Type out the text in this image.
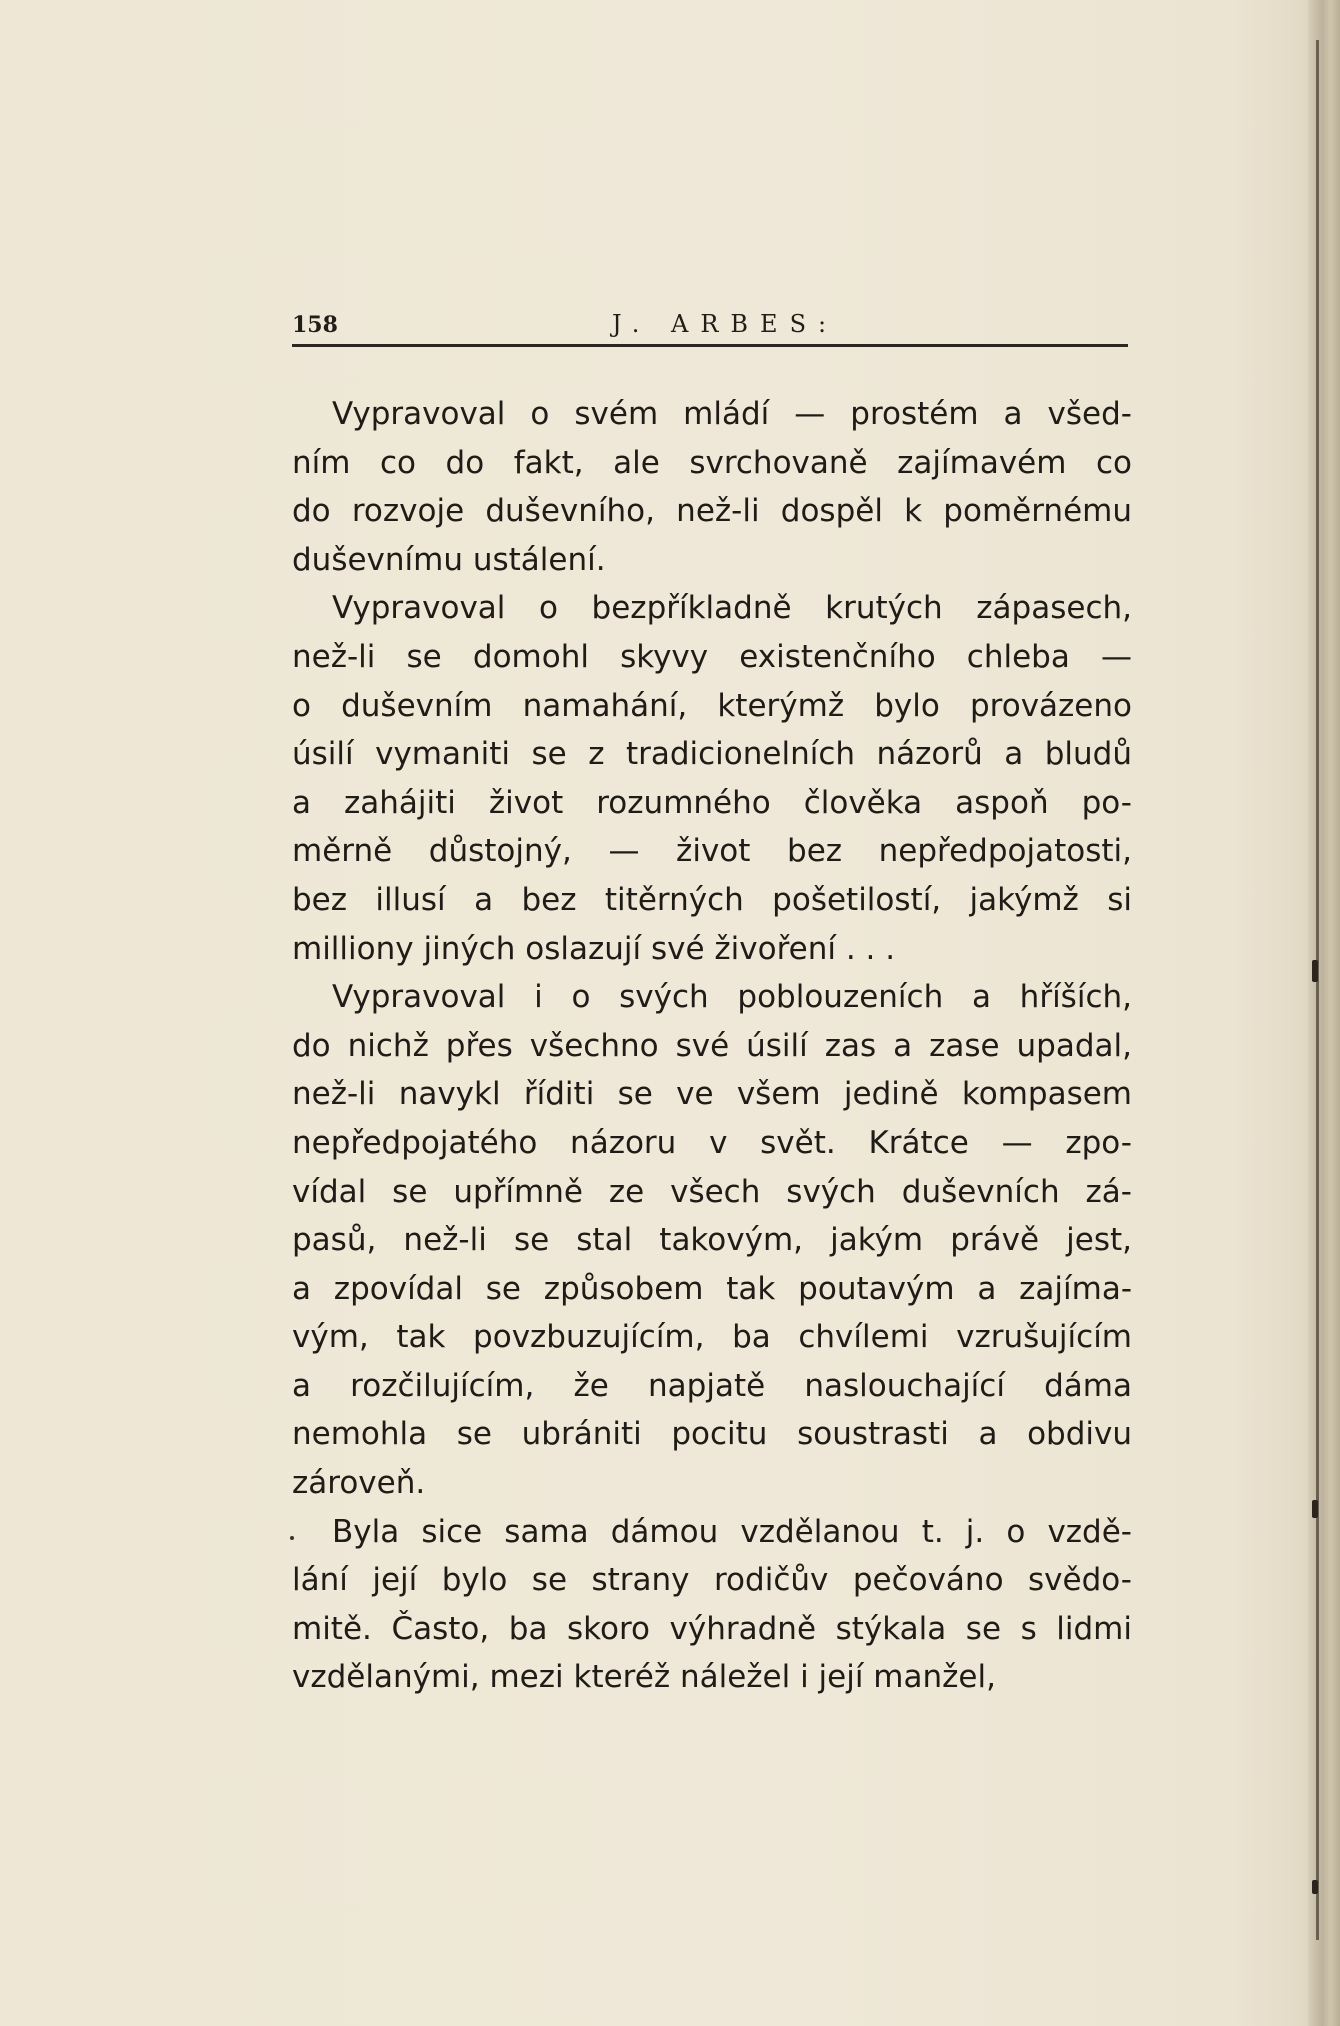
158	J. ARBES:
Vypravoval o svém mládí — prostém a všed-
ním co do fakt, ale svrchovaně zajímavém co
do rozvoje duševního, než-li dospěl k poměrnému
duševnímu ustálení.
Vypravoval o bezpříkladně krutých zápasech,
než-li se domohl skyvy existenčního chleba —
o duševním namahání, kterýmž bylo provázeno
úsilí vymaniti se z tradicionelních názorů a bludů
a zahájiti život rozumného člověka aspoň po-
měrně důstojný, — život bez nepředpojatosti,
bez illusí a bez titěrných pošetilostí, jakýmž si
milliony jiných oslazují své živoření . . .
Vypravoval i o svých poblouzeních a hříších,
do nichž přes všechno své úsilí zas a zase upadal,
než-li navykl říditi se ve všem jedině kompasem
nepředpojatého názoru v svět. Krátce — zpo-
vídal se upřímně ze všech svých duševních zá-
pasů, než-li se stal takovým, jakým právě jest,
a zpovídal se způsobem tak poutavým a zajíma-
vým, tak povzbuzujícím, ba chvílemi vzrušujícím
a rozčilujícím, že napjatě naslouchající dáma
nemohla se ubrániti pocitu soustrasti a obdivu
zároveň.
Byla sice sama dámou vzdělanou t. j. o vzdě-
lání její bylo se strany rodičův pečováno svědo-
mitě. Často, ba skoro výhradně stýkala se s lidmi
vzdělanými, mezi kteréž náležel i její manžel,
